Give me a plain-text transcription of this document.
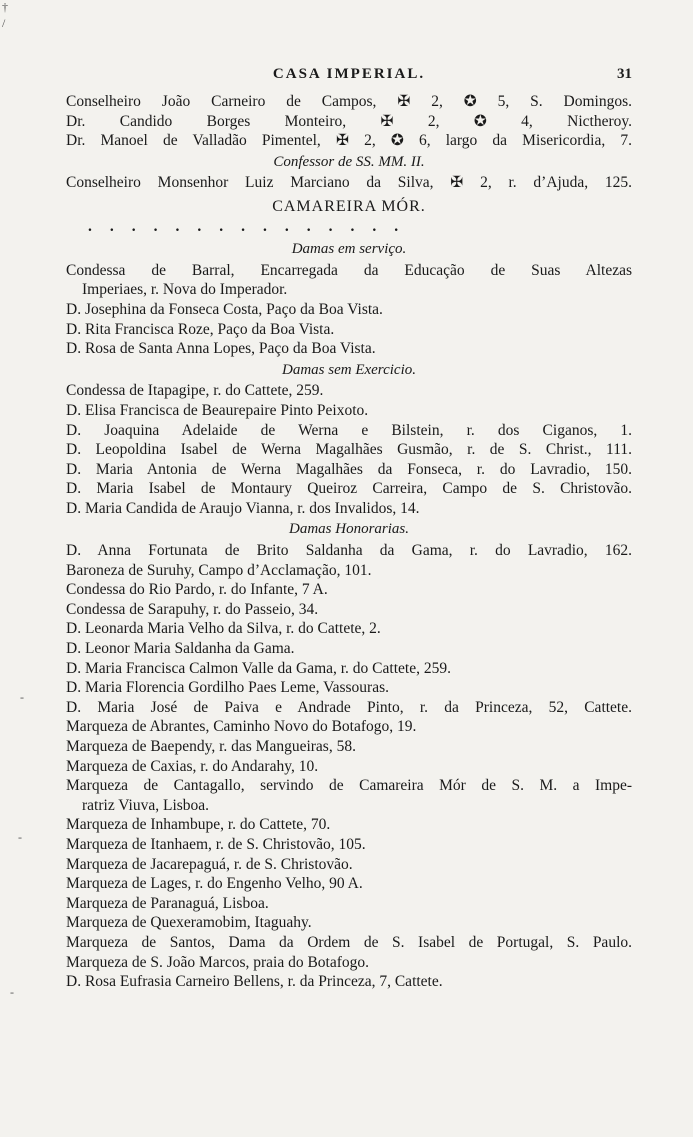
†
/
-
-
-
CASA IMPERIAL.	31
Conselheiro João Carneiro de Campos, ✠ 2, ✪ 5, S. Domingos.
Dr. Candido Borges Monteiro, ✠ 2, ✪ 4, Nictheroy.
Dr. Manoel de Valladão Pimentel, ✠ 2, ✪ 6, largo da Misericordia, 7.
Confessor de SS. MM. II.
Conselheiro Monsenhor Luiz Marciano da Silva, ✠ 2, r. d’Ajuda, 125.
CAMAREIRA MÓR.
...............
Damas em serviço.
Condessa de Barral, Encarregada da Educação de Suas Altezas
Imperiaes, r. Nova do Imperador.
D. Josephina da Fonseca Costa, Paço da Boa Vista.
D. Rita Francisca Roze, Paço da Boa Vista.
D. Rosa de Santa Anna Lopes, Paço da Boa Vista.
Damas sem Exercicio.
Condessa de Itapagipe, r. do Cattete, 259.
D. Elisa Francisca de Beaurepaire Pinto Peixoto.
D. Joaquina Adelaide de Werna e Bilstein, r. dos Ciganos, 1.
D. Leopoldina Isabel de Werna Magalhães Gusmão, r. de S. Christ., 111.
D. Maria Antonia de Werna Magalhães da Fonseca, r. do Lavradio, 150.
D. Maria Isabel de Montaury Queiroz Carreira, Campo de S. Christovão.
D. Maria Candida de Araujo Vianna, r. dos Invalidos, 14.
Damas Honorarias.
D. Anna Fortunata de Brito Saldanha da Gama, r. do Lavradio, 162.
Baroneza de Suruhy, Campo d’Acclamação, 101.
Condessa do Rio Pardo, r. do Infante, 7 A.
Condessa de Sarapuhy, r. do Passeio, 34.
D. Leonarda Maria Velho da Silva, r. do Cattete, 2.
D. Leonor Maria Saldanha da Gama.
D. Maria Francisca Calmon Valle da Gama, r. do Cattete, 259.
D. Maria Florencia Gordilho Paes Leme, Vassouras.
D. Maria José de Paiva e Andrade Pinto, r. da Princeza, 52, Cattete.
Marqueza de Abrantes, Caminho Novo do Botafogo, 19.
Marqueza de Baependy, r. das Mangueiras, 58.
Marqueza de Caxias, r. do Andarahy, 10.
Marqueza de Cantagallo, servindo de Camareira Mór de S. M. a Impe-
ratriz Viuva, Lisboa.
Marqueza de Inhambupe, r. do Cattete, 70.
Marqueza de Itanhaem, r. de S. Christovão, 105.
Marqueza de Jacarepaguá, r. de S. Christovão.
Marqueza de Lages, r. do Engenho Velho, 90 A.
Marqueza de Paranaguá, Lisboa.
Marqueza de Quexeramobim, Itaguahy.
Marqueza de Santos, Dama da Ordem de S. Isabel de Portugal, S. Paulo.
Marqueza de S. João Marcos, praia do Botafogo.
D. Rosa Eufrasia Carneiro Bellens, r. da Princeza, 7, Cattete.
